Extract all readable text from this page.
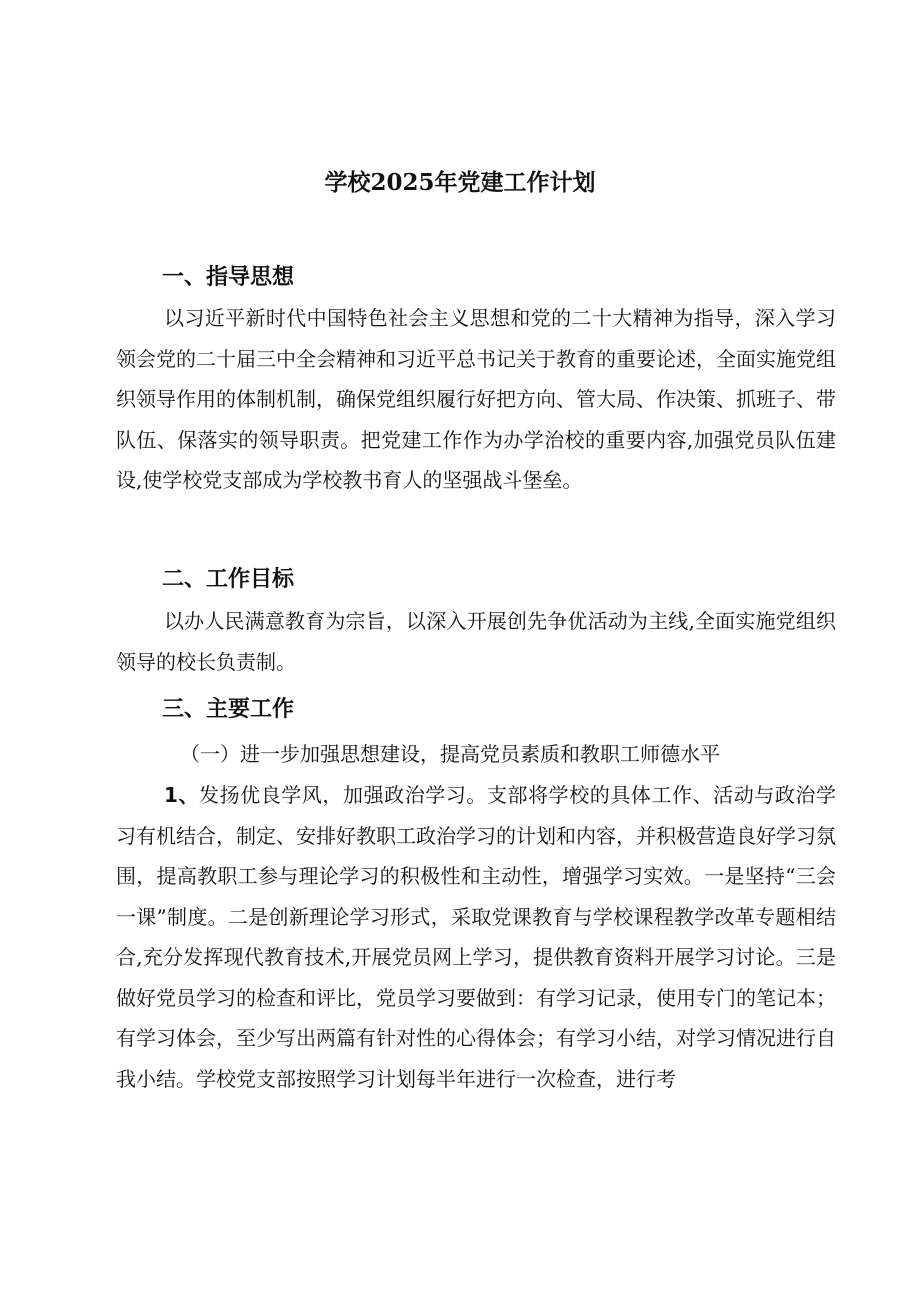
学校2025年党建工作计划
一、指导思想

以习近平新时代中国特色社会主义思想和党的二十大精神为指导，深入学习领会党的二十届三中全会精神和习近平总书记关于教育的重要论述，全面实施党组织领导作用的体制机制，确保党组织履行好把方向、管大局、作决策、抓班子、带队伍、保落实的领导职责。把党建工作作为办学治校的重要内容,加强党员队伍建设,使学校党支部成为学校教书育人的坚强战斗堡垒。

二、工作目标

以办人民满意教育为宗旨，以深入开展创先争优活动为主线,全面实施党组织领导的校长负责制。

三、主要工作
（一）进一步加强思想建设，提高党员素质和教职工师德水平

1、发扬优良学风，加强政治学习。支部将学校的具体工作、活动与政治学习有机结合，制定、安排好教职工政治学习的计划和内容，并积极营造良好学习氛围，提高教职工参与理论学习的积极性和主动性，增强学习实效。一是坚持“三会一课”制度。二是创新理论学习形式，采取党课教育与学校课程教学改革专题相结合,充分发挥现代教育技术,开展党员网上学习，提供教育资料开展学习讨论。三是做好党员学习的检查和评比，党员学习要做到：有学习记录，使用专门的笔记本；有学习体会，至少写出两篇有针对性的心得体会；有学习小结，对学习情况进行自我小结。学校党支部按照学习计划每半年进行一次检查，进行考
